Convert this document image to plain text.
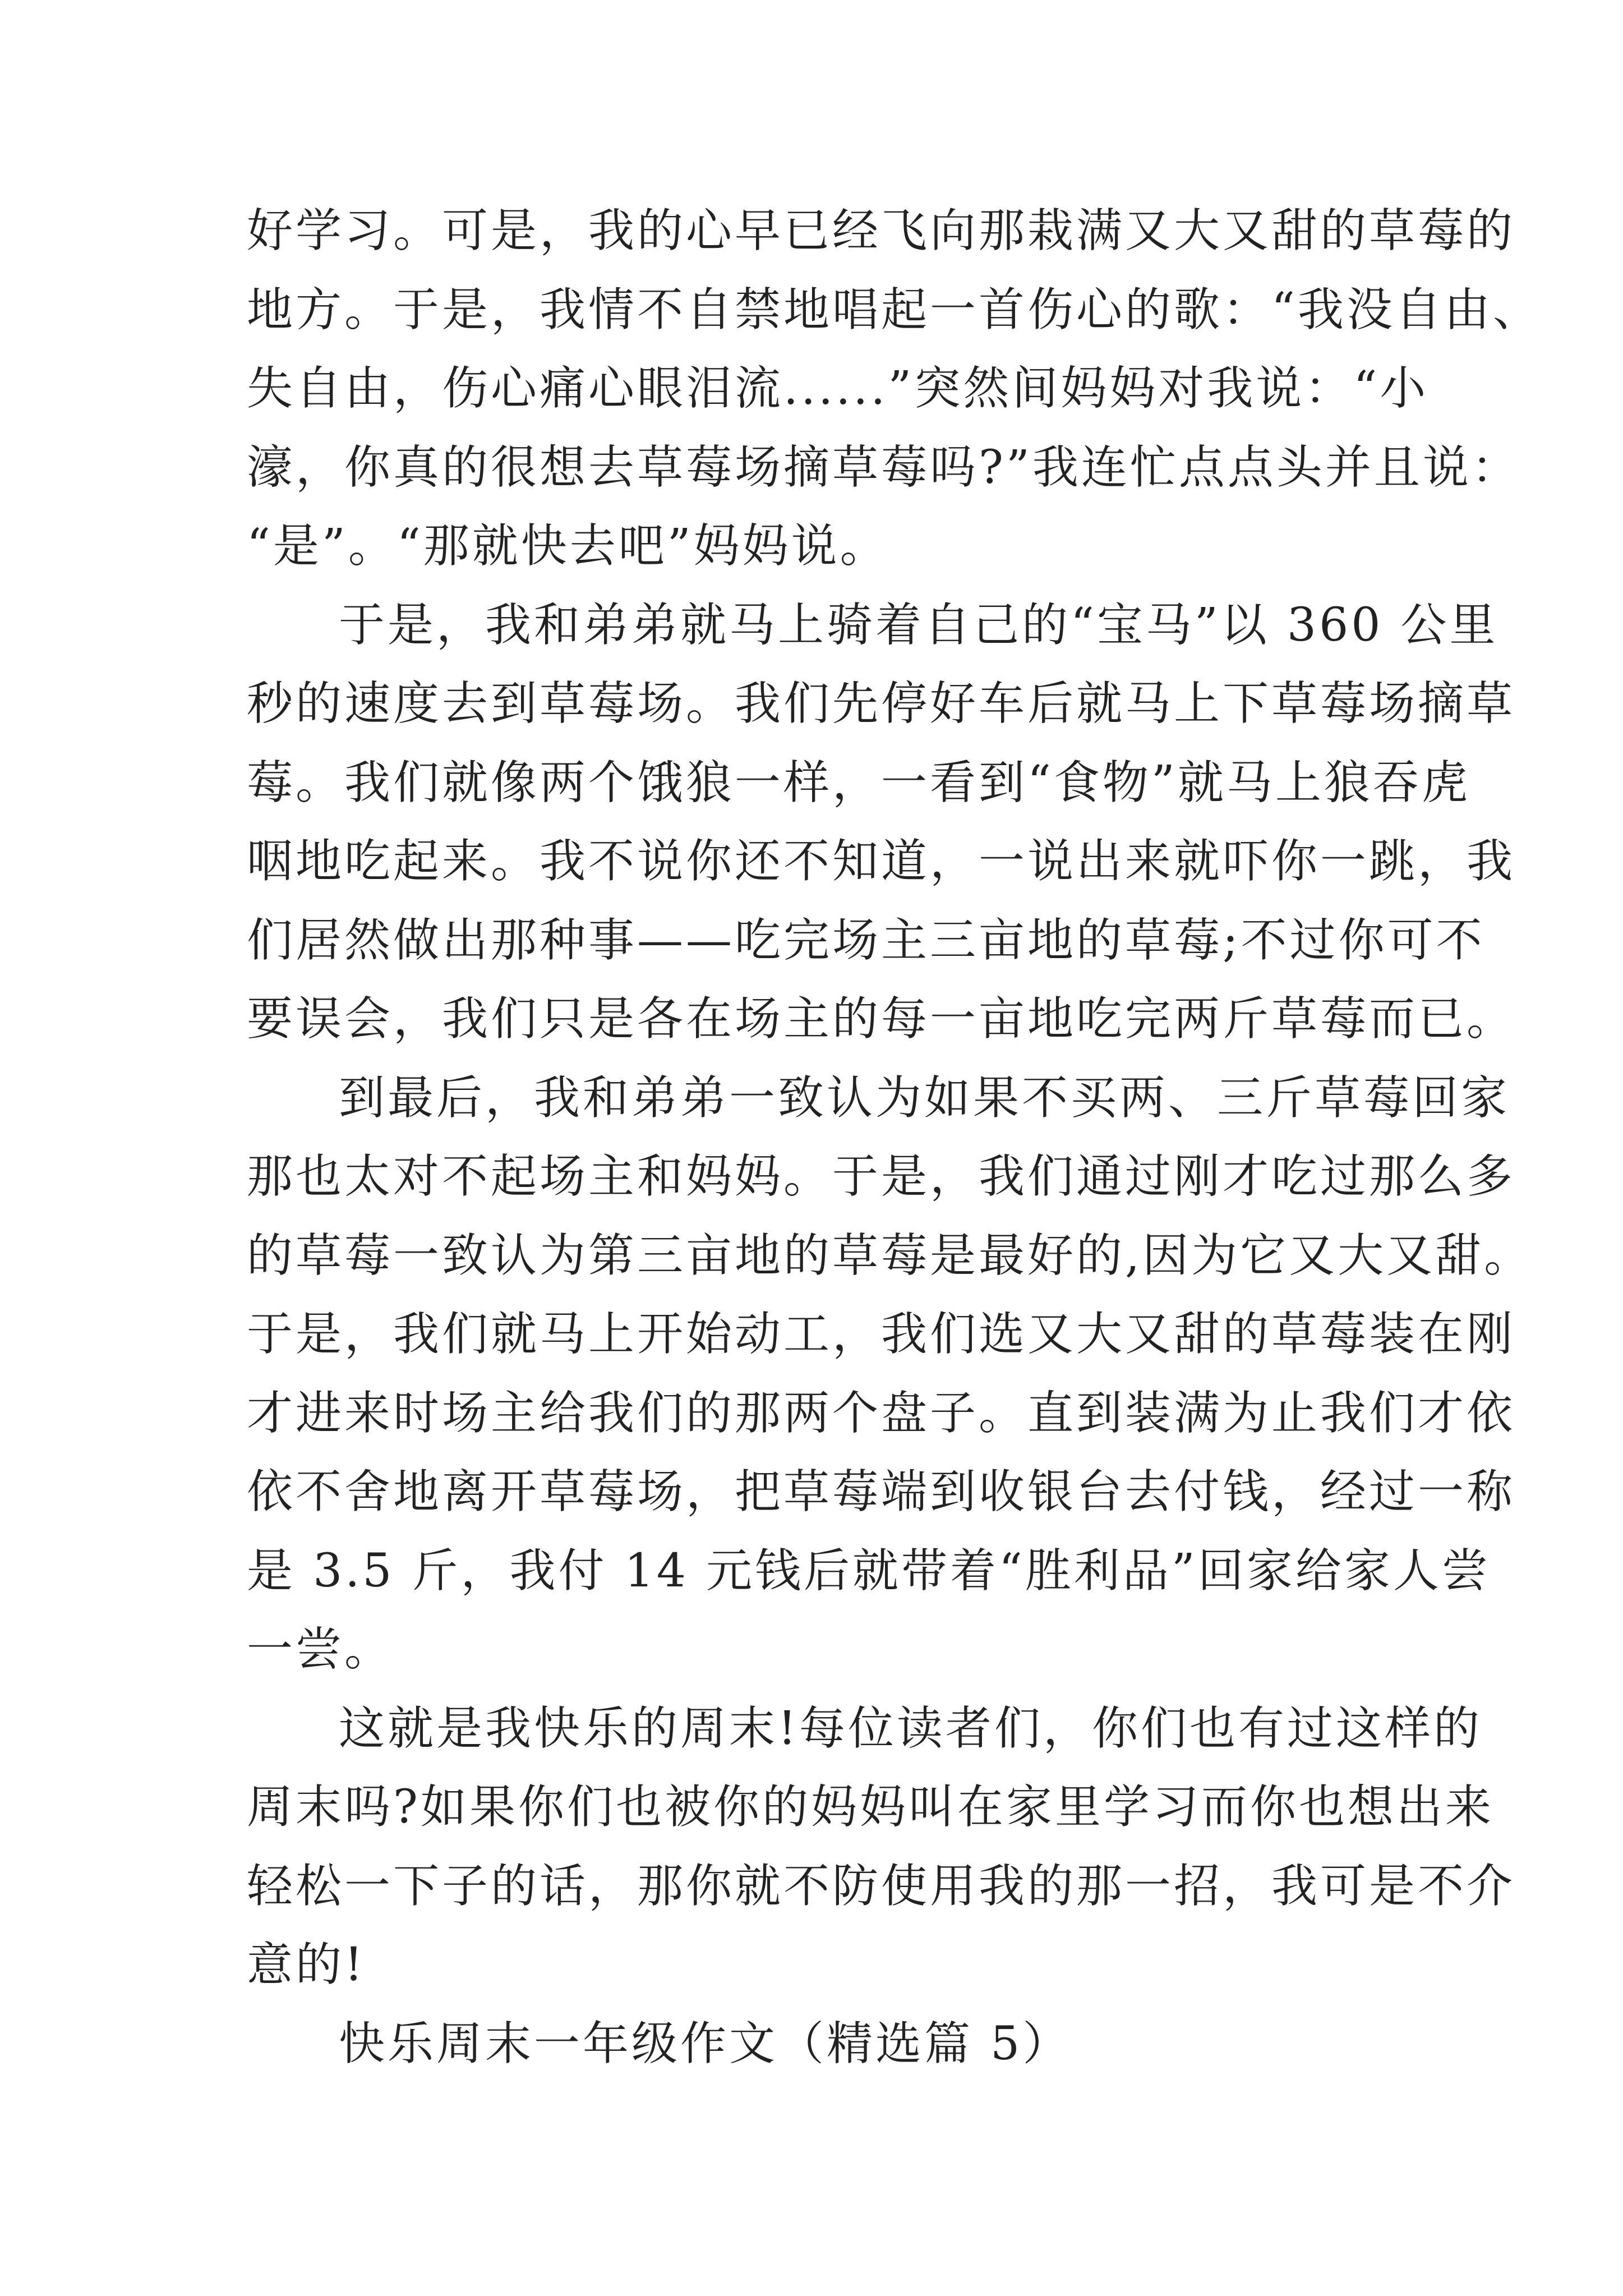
好学习。可是，我的心早已经飞向那栽满又大又甜的草莓的
地方。于是，我情不自禁地唱起一首伤心的歌：“我没自由、
失自由，伤心痛心眼泪流......”突然间妈妈对我说：“小
濠，你真的很想去草莓场摘草莓吗?”我连忙点点头并且说：
“是”。“那就快去吧”妈妈说。
于是，我和弟弟就马上骑着自己的“宝马”以 360 公里
秒的速度去到草莓场。我们先停好车后就马上下草莓场摘草
莓。我们就像两个饿狼一样，一看到“食物”就马上狼吞虎
咽地吃起来。我不说你还不知道，一说出来就吓你一跳，我
们居然做出那种事——吃完场主三亩地的草莓;不过你可不
要误会，我们只是各在场主的每一亩地吃完两斤草莓而已。
到最后，我和弟弟一致认为如果不买两、三斤草莓回家
那也太对不起场主和妈妈。于是，我们通过刚才吃过那么多
的草莓一致认为第三亩地的草莓是最好的,因为它又大又甜。
于是，我们就马上开始动工，我们选又大又甜的草莓装在刚
才进来时场主给我们的那两个盘子。直到装满为止我们才依
依不舍地离开草莓场，把草莓端到收银台去付钱，经过一称
是 3.5 斤，我付 14 元钱后就带着“胜利品”回家给家人尝
一尝。
这就是我快乐的周末!每位读者们，你们也有过这样的
周末吗?如果你们也被你的妈妈叫在家里学习而你也想出来
轻松一下子的话，那你就不防使用我的那一招，我可是不介
意的!
快乐周末一年级作文（精选篇 5）
